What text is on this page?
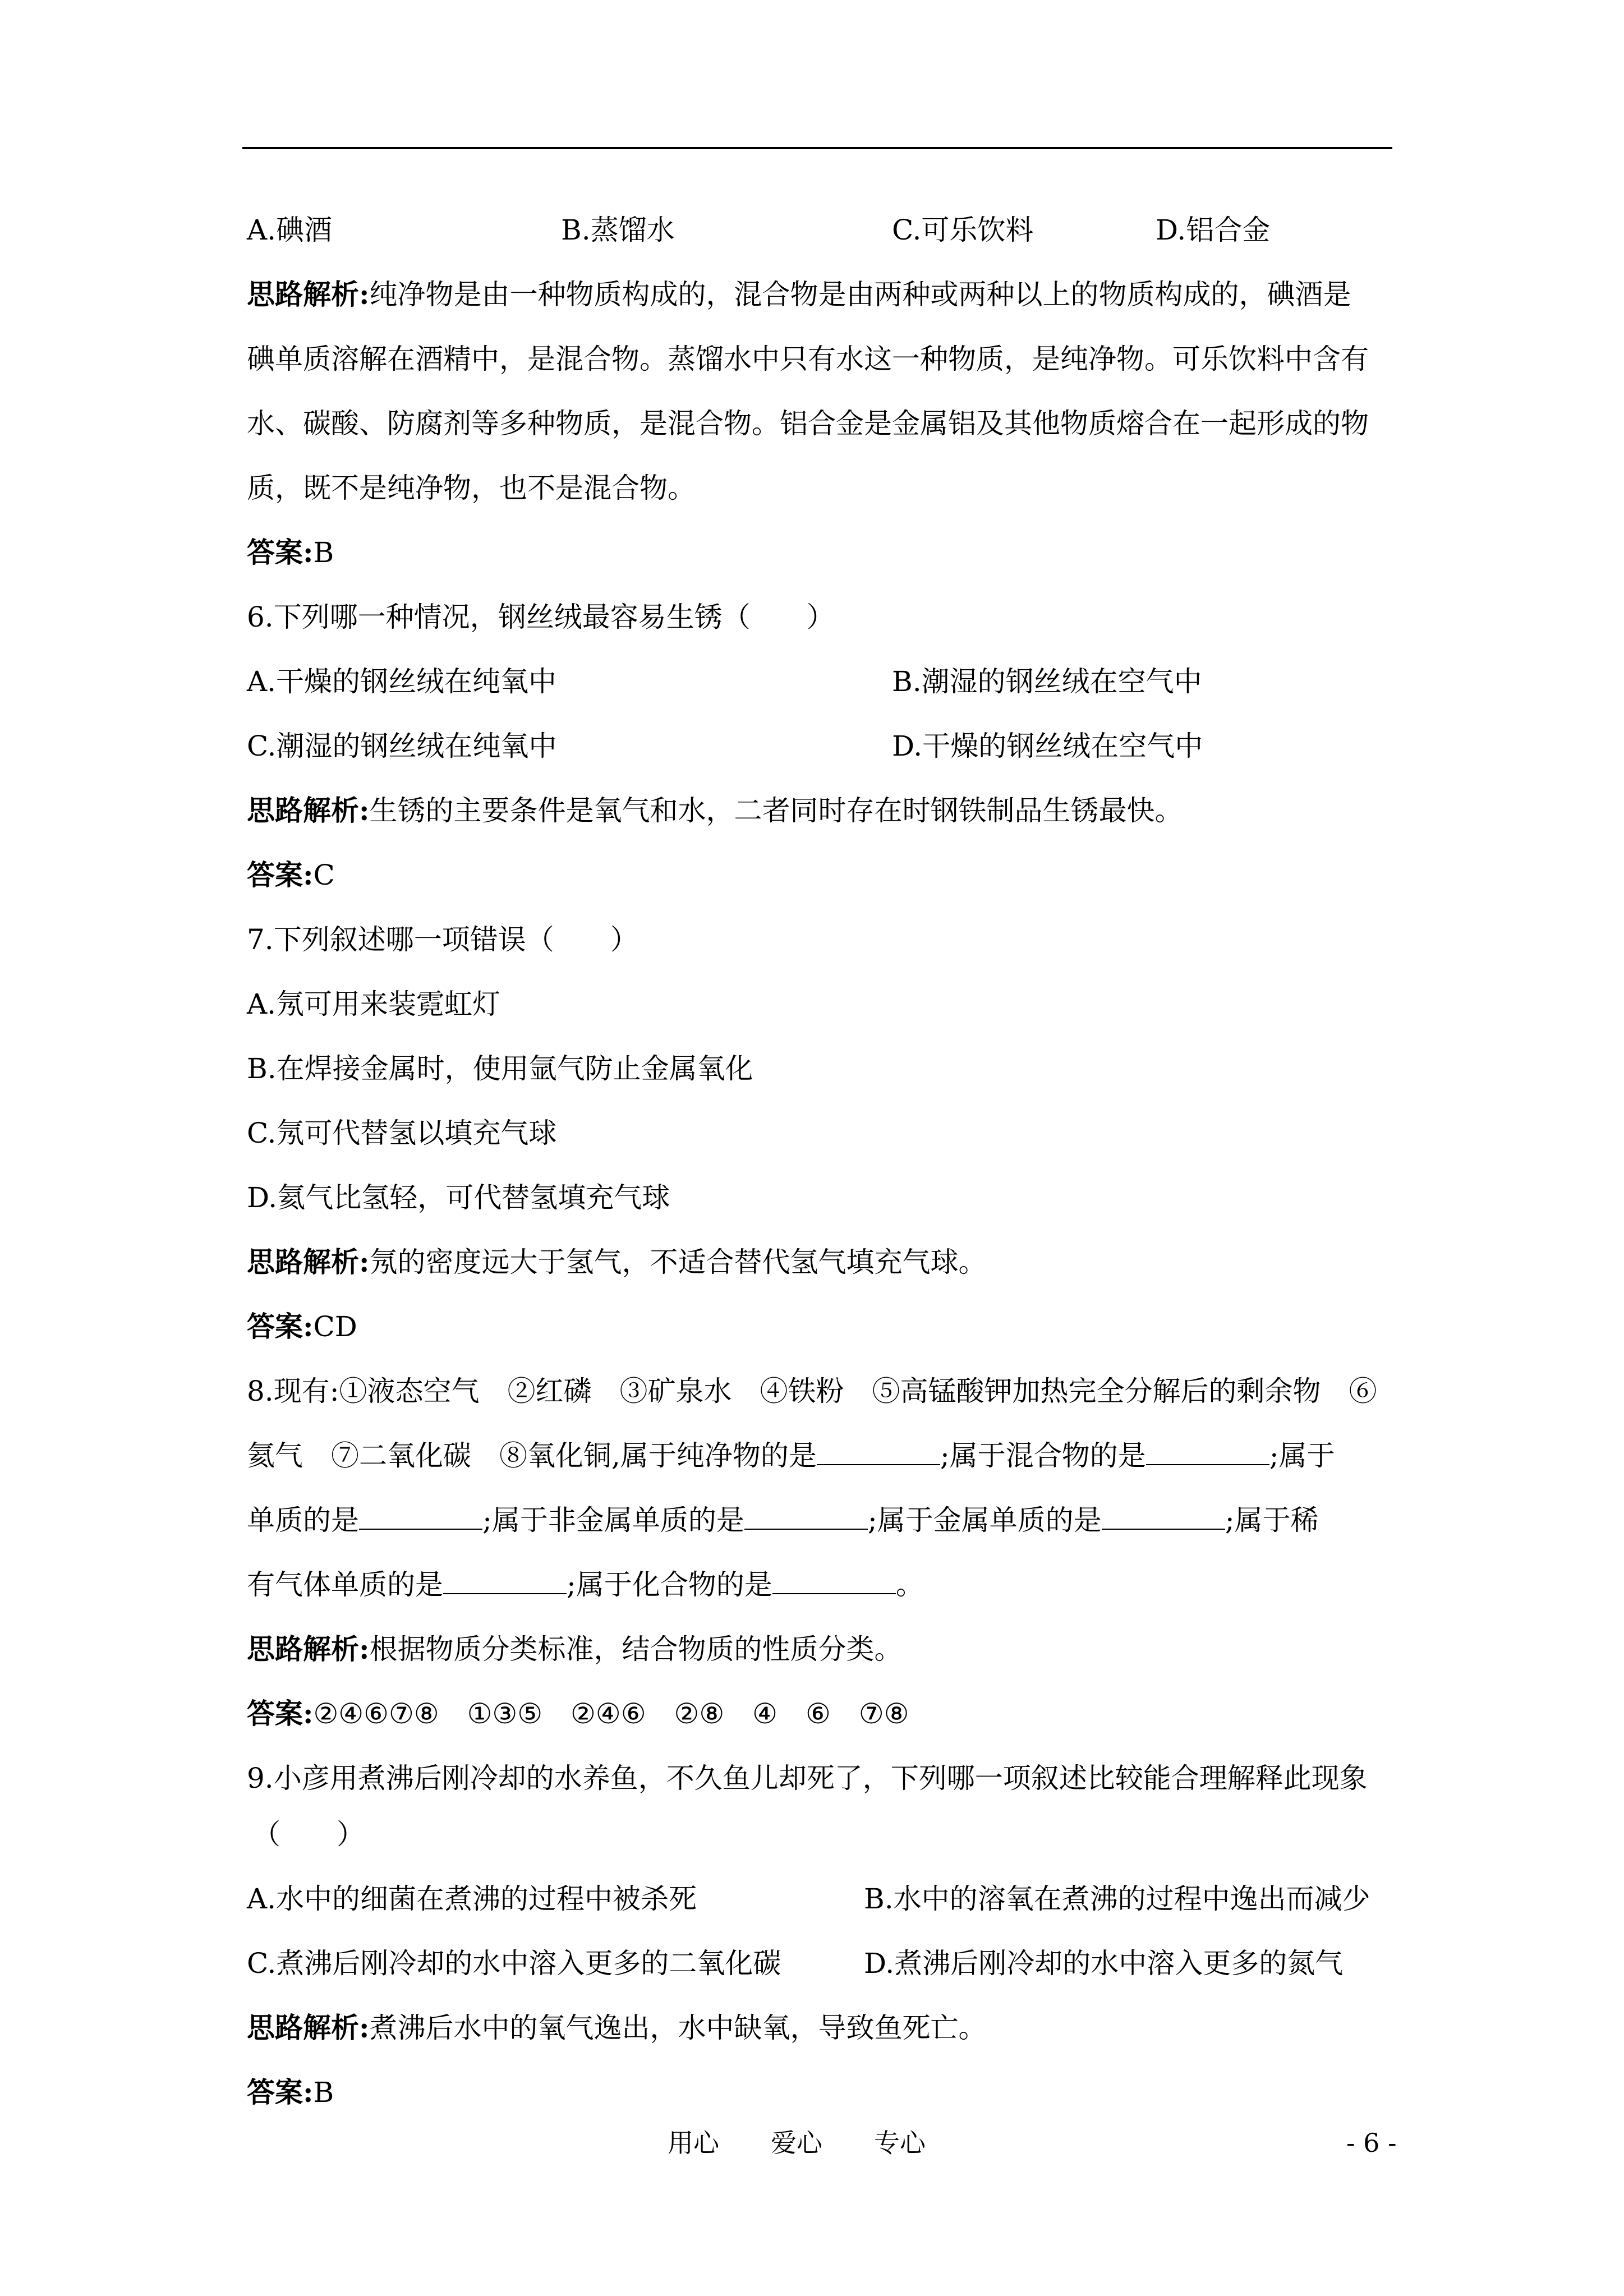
A.碘酒	B.蒸馏水	C.可乐饮料	D.铝合金
思路解析:纯净物是由一种物质构成的，混合物是由两种或两种以上的物质构成的，碘酒是
碘单质溶解在酒精中，是混合物。蒸馏水中只有水这一种物质，是纯净物。可乐饮料中含有
水、碳酸、防腐剂等多种物质，是混合物。铝合金是金属铝及其他物质熔合在一起形成的物
质，既不是纯净物，也不是混合物。
答案:B
6.下列哪一种情况，钢丝绒最容易生锈（　　）
A.干燥的钢丝绒在纯氧中	B.潮湿的钢丝绒在空气中
C.潮湿的钢丝绒在纯氧中	D.干燥的钢丝绒在空气中
思路解析:生锈的主要条件是氧气和水，二者同时存在时钢铁制品生锈最快。
答案:C
7.下列叙述哪一项错误（　　）
A.氖可用来装霓虹灯
B.在焊接金属时，使用氩气防止金属氧化
C.氖可代替氢以填充气球
D.氦气比氢轻，可代替氢填充气球
思路解析:氖的密度远大于氢气，不适合替代氢气填充气球。
答案:CD
8.现有:①液态空气　②红磷　③矿泉水　④铁粉　⑤高锰酸钾加热完全分解后的剩余物　⑥
氦气　⑦二氧化碳　⑧氧化铜,属于纯净物的是	;属于混合物的是	;属于
单质的是	;属于非金属单质的是	;属于金属单质的是	;属于稀
有气体单质的是	;属于化合物的是	。
思路解析:根据物质分类标准，结合物质的性质分类。
答案:②④⑥⑦⑧　①③⑤　②④⑥　②⑧　④　⑥　⑦⑧
9.小彦用煮沸后刚冷却的水养鱼，不久鱼儿却死了，下列哪一项叙述比较能合理解释此现象
（　　）
A.水中的细菌在煮沸的过程中被杀死	B.水中的溶氧在煮沸的过程中逸出而减少
C.煮沸后刚冷却的水中溶入更多的二氧化碳	D.煮沸后刚冷却的水中溶入更多的氮气
思路解析:煮沸后水中的氧气逸出，水中缺氧，导致鱼死亡。
答案:B
用心　　爱心　　专心	- 6 -
